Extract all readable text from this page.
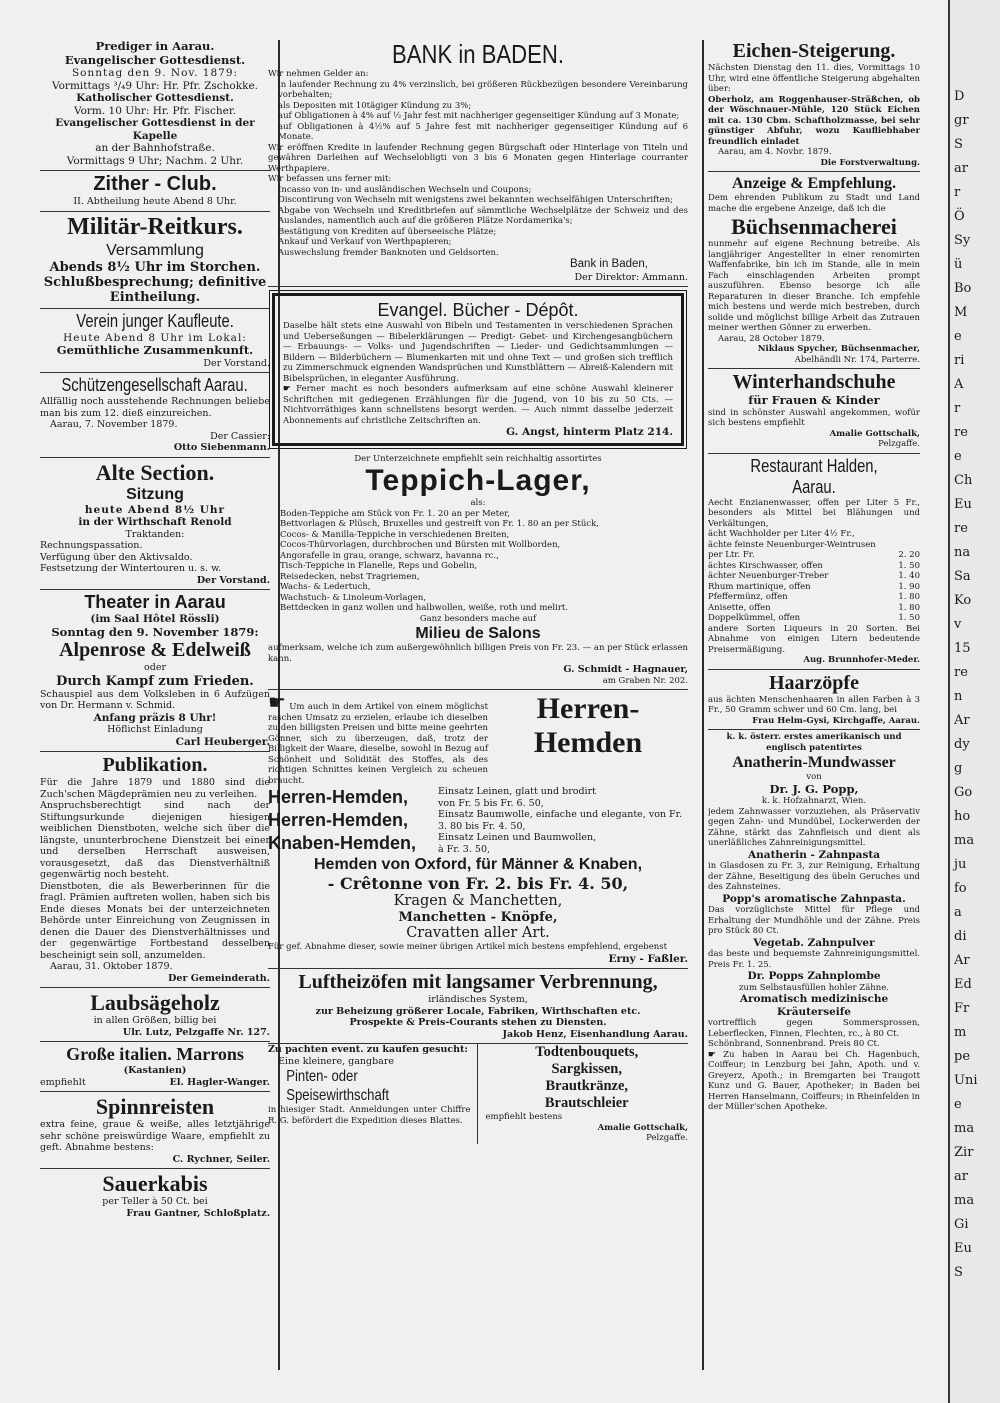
Prediger in Aarau.
Evangelischer Gottesdienst.
Sonntag den 9. Nov. 1879:
Vormittags ³/₄9 Uhr: Hr. Pfr. Zschokke.
Katholischer Gottesdienst.
Vorm. 10 Uhr: Hr. Pfr. Fischer.
Evangelischer Gottesdienst in der Kapelle
an der Bahnhofstraße.
Vormittags 9 Uhr; Nachm. 2 Uhr.
Zither - Club.
II. Abtheilung heute Abend 8 Uhr.
Militär-Reitkurs.
Versammlung
Abends 8½ Uhr im Storchen.
Schlußbesprechung; definitive Eintheilung.
Verein junger Kaufleute.
Heute Abend 8 Uhr im Lokal:
Gemüthliche Zusammenkunft.
Der Vorstand.
Schützengesellschaft Aarau.
Allfällig noch ausstehende Rechnungen beliebe man bis zum 12. dieß einzureichen.
Aarau, 7. November 1879.
Der Cassier:
Otto Siebenmann.
Alte Section.
Sitzung
heute Abend 8½ Uhr
in der Wirthschaft Renold
Traktanden:
Rechnungspassation.
Verfügung über den Aktivsaldo.
Festsetzung der Wintertouren u. s. w.
Der Vorstand.
Theater in Aarau
(im Saal Hôtel Rössli)
Sonntag den 9. November 1879:
Alpenrose & Edelweiß
oder
Durch Kampf zum Frieden.
Schauspiel aus dem Volksleben in 6 Aufzügen von Dr. Hermann v. Schmid.
Anfang präzis 8 Uhr!
Höflichst Einladung
Carl Heuberger.
Publikation.
Für die Jahre 1879 und 1880 sind die Zuch'schen Mägdeprämien neu zu verleihen.
Anspruchsberechtigt sind nach der Stiftungsurkunde diejenigen hiesigen weiblichen Dienstboten, welche sich über die längste, ununterbrochene Dienstzeit bei einer und derselben Herrschaft ausweisen, vorausgesetzt, daß das Dienstverhältniß gegenwärtig noch besteht.
Dienstboten, die als Bewerberinnen für die fragl. Prämien auftreten wollen, haben sich bis Ende dieses Monats bei der unterzeichneten Behörde unter Einreichung von Zeugnissen in denen die Dauer des Dienstverhältnisses und der gegenwärtige Fortbestand desselben bescheinigt sein soll, anzumelden.
Aarau, 31. Oktober 1879.
Der Gemeinderath.
Laubsägeholz
in allen Größen, billig bei
Ulr. Lutz, Pelzgaffe Nr. 127.
Große italien. Marrons
(Kastanien)
empfiehlt	El. Hagler-Wanger.
Spinnreisten
extra feine, graue & weiße, alles letztjährige sehr schöne preiswürdige Waare, empfiehlt zu geft. Abnahme bestens:
C. Rychner, Seiler.
Sauerkabis
per Teller à 50 Ct. bei
Frau Gantner, Schloßplatz.
BANK in BADEN.
Wir nehmen Gelder an:
in laufender Rechnung zu 4% verzinslich, bei größeren Rückbezügen besondere Vereinbarung vorbehalten;
als Depositen mit 10tägiger Kündung zu 3%;
auf Obligationen à 4% auf ½ Jahr fest mit nachheriger gegenseitiger Kündung auf 3 Monate;
auf Obligationen à 4½% auf 5 Jahre fest mit nachheriger gegenseitiger Kündung auf 6 Monate.
Wir eröffnen Kredite in laufender Rechnung gegen Bürgschaft oder Hinterlage von Titeln und gewähren Darleihen auf Wechselobligti von 3 bis 6 Monaten gegen Hinterlage courranter Werthpapiere.
Wir befassen uns ferner mit:
Incasso von in- und ausländischen Wechseln und Coupons;
Discontirung von Wechseln mit wenigstens zwei bekannten wechselfähigen Unterschriften;
Abgabe von Wechseln und Kreditbriefen auf sämmtliche Wechselplätze der Schweiz und des Auslandes, namentlich auch auf die größeren Plätze Nordamerika's;
Bestätigung von Krediten auf überseeische Plätze;
Ankauf und Verkauf von Werthpapieren;
Auswechslung fremder Banknoten und Geldsorten.
Bank in Baden,
Der Direktor: Ammann.
Evangel. Bücher - Dépôt.
Daselbe hält stets eine Auswahl von Bibeln und Testamenten in verschiedenen Sprachen und Ueberseßungen — Bibelerklärungen — Predigt- Gebet- und Kirchengesangbüchern — Erbauungs- — Volks- und Jugendschriften — Lieder- und Gedichtsammlungen — Bildern — Bilderbüchern — Blumenkarten mit und ohne Text — und großen sich trefflich zu Zimmerschmuck eignenden Wandsprüchen und Kunstblättern — Abreiß-Kalendern mit Bibelsprüchen, in eleganter Ausführung.
☛ Ferner macht es noch besonders aufmerksam auf eine schöne Auswahl kleinerer Schriftchen mit gediegenen Erzählungen für die Jugend, von 10 bis zu 50 Cts. — Nichtvorräthiges kann schnellstens besorgt werden. — Auch nimmt dasselbe jederzeit Abonnements auf christliche Zeitschriften an.
G. Angst, hinterm Platz 214.
Der Unterzeichnete empfiehlt sein reichhaltig assortirtes
Teppich-Lager,
als:
Boden-Teppiche am Stück von Fr. 1. 20 an per Meter,
Bettvorlagen & Plüsch, Bruxelles und gestreift von Fr. 1. 80 an per Stück,
Cocos- & Manilla-Teppiche in verschiedenen Breiten,
Cocos-Thürvorlagen, durchbrochen und Bürsten mit Wollborden,
Angorafelle in grau, orange, schwarz, havanna rc.,
Tisch-Teppiche in Flanelle, Reps und Gobelin,
Reisedecken, nebst Tragriemen,
Wachs- & Ledertuch,
Wachstuch- & Linoleum-Vorlagen,
Bettdecken in ganz wollen und halbwollen, weiße, roth und melirt.
Ganz besonders mache auf
Milieu de Salons
aufmerksam, welche ich zum außergewöhnlich billigen Preis von Fr. 23. — an per Stück erlassen kann.
G. Schmidt - Hagnauer,
am Graben Nr. 202.
☛ Um auch in dem Artikel von einem möglichst raschen Umsatz zu erzielen, erlaube ich dieselben zu den billigsten Preisen und bitte meine geehrten Gönner, sich zu überzeugen, daß, trotz der Billigkeit der Waare, dieselbe, sowohl in Bezug auf Schönheit und Solidität des Stoffes, als des richtigen Schnittes keinen Vergleich zu scheuen braucht.
Herren-Hemden
Herren-Hemden,	Einsatz Leinen, glatt und brodirt
von Fr. 5 bis Fr. 6. 50,
Herren-Hemden,	Einsatz Baumwolle, einfache und elegante, von Fr. 3. 80 bis Fr. 4. 50,
Knaben-Hemden,	Einsatz Leinen und Baumwollen,
à Fr. 3. 50,
Hemden von Oxford, für Männer & Knaben,
- Crêtonne von Fr. 2. bis Fr. 4. 50,
Kragen & Manchetten,
Manchetten - Knöpfe,
Cravatten aller Art.
Für gef. Abnahme dieser, sowie meiner übrigen Artikel mich bestens empfehlend, ergebenst
Erny - Faßler.
Luftheizöfen mit langsamer Verbrennung,
irländisches System,
zur Beheizung größerer Locale, Fabriken, Wirthschaften etc.
Prospekte & Preis-Courants stehen zu Diensten.
Jakob Henz, Eisenhandlung Aarau.
Zu pachten event. zu kaufen gesucht:
Eine kleinere, gangbare
Pinten- oder Speisewirthschaft
in hiesiger Stadt. Anmeldungen unter Chiffre R. G. befördert die Expedition dieses Blattes.
Todtenbouquets,
Sargkissen,
Brautkränze,
Brautschleier
empfiehlt bestens
Amalie Gottschalk,
Pelzgaffe.
Eichen-Steigerung.
Nächsten Dienstag den 11. dies, Vormittags 10 Uhr, wird eine öffentliche Steigerung abgehalten über:
Oberholz, am Roggenhauser-Sträßchen, ob der Wöschnauer-Mühle, 120 Stück Eichen mit ca. 130 Cbm. Schaftholzmasse, bei sehr günstiger Abfuhr, wozu Kaufliebhaber freundlich einladet
Aarau, am 4. Novbr. 1879.
Die Forstverwaltung.
Anzeige & Empfehlung.
Dem ehrenden Publikum zu Stadt und Land mache die ergebene Anzeige, daß ich die
Büchsenmacherei
nunmehr auf eigene Rechnung betreibe. Als langjähriger Angestellter in einer renomirten Waffenfabrike, bin ich im Stande, alle in mein Fach einschlagenden Arbeiten prompt auszuführen. Ebenso besorge ich alle Reparaturen in dieser Branche. Ich empfehle mich bestens und werde mich bestreben, durch solide und möglichst billige Arbeit das Zutrauen meiner werthen Gönner zu erwerben.
Aarau, 28 October 1879.
Niklaus Spycher, Büchsenmacher,
Abelhändli Nr. 174, Parterre.
Winterhandschuhe
für Frauen & Kinder
sind in schönster Auswahl angekommen, wofür sich bestens empfiehlt
Amalie Gottschalk,
Pelzgaffe.
Restaurant Halden, Aarau.
Aecht Enzianenwasser, offen per Liter 5 Fr., besonders als Mittel bei Blähungen und Verkältungen,
ächt Wachholder per Liter 4½ Fr.,
ächte feinste Neuenburger-Weintrusen
per Ltr. Fr.	2. 20
ächtes Kirschwasser, offen	1. 50
ächter Neuenburger-Treber	1. 40
Rhum martinique, offen	1. 90
Pfeffermünz, offen	1. 80
Anisette, offen	1. 80
Doppelkümmel, offen	1. 50
andere Sorten Liqueurs in 20 Sorten. Bei Abnahme von einigen Litern bedeutende Preisermäßigung.
Aug. Brunnhofer-Meder.
Haarzöpfe
aus ächten Menschenhaaren in allen Farben à 3 Fr., 50 Gramm schwer und 60 Cm. lang, bei
Frau Helm-Gysi, Kirchgaffe, Aarau.
k. k. österr. erstes amerikanisch und
englisch patentirtes
Anatherin-Mundwasser
von
Dr. J. G. Popp,
k. k. Hofzahnarzt, Wien.
jedem Zahnwasser vorzuziehen, als Präservativ gegen Zahn- und Mundübel, Lockerwerden der Zähne, stärkt das Zahnfleisch und dient als unerläßliches Zahnreinigungsmittel.
Anatherin - Zahnpasta
in Glasdosen zu Fr. 3, zur Reinigung, Erhaltung der Zähne, Beseitigung des übeln Geruches und des Zahnsteines.
Popp's aromatische Zahnpasta.
Das vorzüglichste Mittel für Pflege und Erhaltung der Mundhöhle und der Zähne. Preis pro Stück 80 Ct.
Vegetab. Zahnpulver
das beste und bequemste Zahnreinigungsmittel. Preis Fr. 1. 25.
Dr. Popps Zahnplombe
zum Selbstausfüllen hohler Zähne.
Aromatisch medizinische Kräuterseife
vortrefflich gegen Sommersprossen, Leberflecken, Finnen, Flechten, rc., à 80 Ct.
Schönbrand, Sonnenbrand. Preis 80 Ct.
☛ Zu haben in Aarau bei Ch. Hagenbuch, Coiffeur; in Lenzburg bei Jahn, Apoth. und v. Greyerz, Apoth.; in Bremgarten bei Traugott Kunz und G. Bauer, Apotheker; in Baden bei Herren Hanselmann, Coiffeurs; in Rheinfelden in der Müller'schen Apotheke.
D
gr
S
ar
r
Ö
Sy
ü
Bo
M
e
ri
A
r
re
e
Ch
Eu
re
na
Sa
Ko
v
15
re
n
Ar
dy
g
Go
ho
ma
ju
fo
a
di
Ar
Ed
Fr
m
pe
Uni
e
ma
Zir
ar
ma
Gi
Eu
S
